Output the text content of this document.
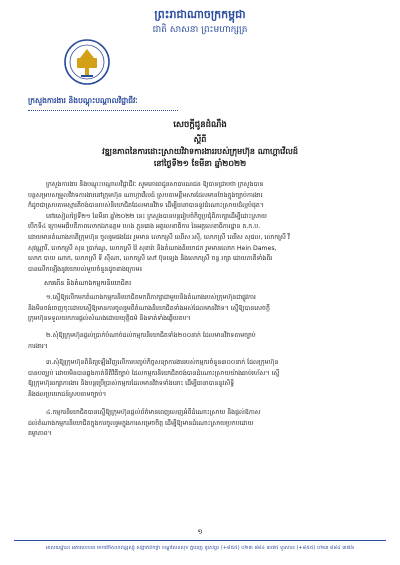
ព្រះរាជាណាចក្រកម្ពុជា
ជាតិ សាសនា ព្រះមហាក្សត្រ
ក្រសួងការងារ និងបណ្តុះបណ្តាលវិជ្ជាជីវៈ
សេចក្តីជូនដំណឹង
ស្តីពី
វឌ្ឍនភាពនៃការដោះស្រាយវិវាទការងាររបស់ក្រុមហ៊ុន ណាហ្គាវើលដ៍
នៅថ្ងៃទី២១ ខែមីនា ឆ្នាំ២០២២
ក្រសួងការងារ និងបណ្តុះបណ្តាលវិជ្ជាជីវៈ សូមគោរពជូនសាធារណជន ឱ្យបានជ្រាបថា ក្រសួងបាន
បន្តសម្របសម្រួលវិវាទការងារនៅក្រុមហ៊ុន ណាហ្គាវើលដ៍ ស្របតាមខ្លឹមសារដែលមានចែងក្នុងច្បាប់ការងារ
ក៏ដូចជាស្របតាមស្មារតីចង់បានរបស់និយោជិតដែលមានវិវាទ ដើម្បីធានាបាននូវដំណោះស្រាយដ៏ល្អបំផុត។
នៅរសៀលថ្ងៃទី២១ ខែមីនា ឆ្នាំ២០២២ នេះ ក្រសួងបានបន្តរៀបចំកិច្ចប្រជុំពិភាក្សាដើម្បីដោះស្រាយ
បើកទី៤ ក្រោមអធិបតីភាពលោកឯកឧត្តម ហេង ភ្លុនឆេង អគ្គលេខាធិការ នៃអគ្គលេខាធិការដ្ឋាន គ.ក.ប.
ដោយមានតំណាងភាគីក្រុមហ៊ុន ចូលរួមផងដែរ រួមមាន លោកស្រី ឈើស រស៊ី, លោកស្រី ឈើស សុផល, លោកស្រី វី
សុវណ្ណារី, លោកស្រី សុខ ប្រាក់ណូ, លោកស្រី វ៉ៃ សុខារ៉ា និងតំណាងនិយោជក រួមមានលោក Hein Dames,
លោក បាយ ណាក, លោកស្រី ទី ស៊ីណា, លោកស្រី សៅ ប៊ុនទ្បេង និងលោកស្រី ចន្ទ រក្សា ដោយភាគីទាំងពីរ
បានលើកឡើងនូវយោបល់មួយចំនួនដូចខាងក្រោម៖
សារពើន និងតំណាងកម្មករនិយោជិត៖
១.ស្នើឱ្យលើកមកតំណាងកម្មករនិយោជិតមកពិភាក្សាជាមួយនិងតំណាងរបស់ក្រុមហ៊ុនជាផ្លូវការ
និងមិនចង់ចេញចុះដោយស្នើឱ្យមានការចូលរួមពីតំណាងនិយោជិតទាំងអស់ដែលមានវិវាទ។ ស្នើឱ្យបានសេចក្តី
ក្រុមហ៊ុនទទួលយកការផ្តល់សំណងដោយយុត្តិធម៌ និងទាត់ទាំងឆ្លើយតប។
២.សុំឱ្យក្រុមហ៊ុនផ្តល់ប្រាក់បំណាច់ដល់កម្មករនិយោជិតទាំង២០០នាក់ ដែលមានវិវាទតាមច្បាប់
ការងារ។
៣.សុំឱ្យក្រុមហ៊ុនពិនិត្យឡើងវិញលើការបញ្ចប់កិច្ចសន្យាការងាររបស់កម្មករចំនួន៣០០នាក់ ដែលក្រុមហ៊ុន
បានបញ្ឈប់ ដោយមិនបានឆ្លងកាត់នីតិវិធីច្បាប់ ដែលកម្មករនិយោជិតចង់បានដំណោះស្រាយយ៉ាងឆាប់រហ័ស។ ស្នើ
ឱ្យក្រុមហ៊ុនរក្សាការងារ និងបន្តប្រើប្រាស់កម្មករដែលមានវិវាទទាំងនោះ ដើម្បីធានាបាននូវសិទ្ធិ
និងផលប្រយោជន៍ស្របតាមច្បាប់។
៤.កម្មករនិយោជិតបានស្នើឱ្យក្រុមហ៊ុនផ្តល់ព័ត៌មានពេញលេញអំពីដំណោះស្រាយ និងផ្តល់ឱកាស
ដល់តំណាងកម្មករនិយោជិតក្នុងការចូលរួមក្នុងការសម្រេចចិត្ត ដើម្បីឱ្យមានដំណោះស្រាយប្រកបដោយ
តម្លាភាព។
១
អាសយដ្ឋាន៖ អគារលេខ៣ មហាវិថីសហព័ន្ធរុស្ស៊ី សង្កាត់ទឹកថ្លា ខណ្ឌសែនសុខ ភ្នំពេញ ទូរស័ព្ទ៖ (+៨៥៥) ០២៣ ៨៨៤ ៣៧៥ ទូរសារ៖ (+៨៥៥) ០២៣ ៨៨៤ ៣៧៦
